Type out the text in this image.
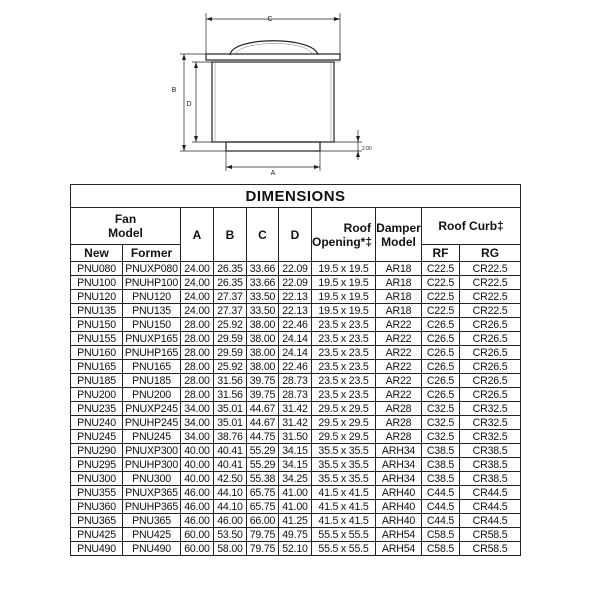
C
B
D
2.00
A
DIMENSIONS									
Fan
Model		A	B	C	D	Roof
Opening*‡	Damper
Model	Roof Curb‡	
New	Former							RF	RG
PNU080	PNUXP080	24.00	26.35	33.66	22.09	19.5 x 19.5	AR18	C22.5	CR22.5
PNU100	PNUHP100	24.00	26.35	33.66	22.09	19.5 x 19.5	AR18	C22.5	CR22.5
PNU120	PNU120	24.00	27.37	33.50	22.13	19.5 x 19.5	AR18	C22.5	CR22.5
PNU135	PNU135	24.00	27.37	33.50	22.13	19.5 x 19.5	AR18	C22.5	CR22.5
PNU150	PNU150	28.00	25.92	38.00	22.46	23.5 x 23.5	AR22	C26.5	CR26.5
PNU155	PNUXP165	28.00	29.59	38.00	24.14	23.5 x 23.5	AR22	C26.5	CR26.5
PNU160	PNUHP165	28.00	29.59	38.00	24.14	23.5 x 23.5	AR22	C26.5	CR26.5
PNU165	PNU165	28.00	25.92	38.00	22.46	23.5 x 23.5	AR22	C26.5	CR26.5
PNU185	PNU185	28.00	31.56	39.75	28.73	23.5 x 23.5	AR22	C26.5	CR26.5
PNU200	PNU200	28.00	31.56	39.75	28.73	23.5 x 23.5	AR22	C26.5	CR26.5
PNU235	PNUXP245	34.00	35.01	44.67	31.42	29.5 x 29.5	AR28	C32.5	CR32.5
PNU240	PNUHP245	34.00	35.01	44.67	31.42	29.5 x 29.5	AR28	C32.5	CR32.5
PNU245	PNU245	34.00	38.76	44.75	31.50	29.5 x 29.5	AR28	C32.5	CR32.5
PNU290	PNUXP300	40.00	40.41	55.29	34.15	35.5 x 35.5	ARH34	C38.5	CR38.5
PNU295	PNUHP300	40.00	40.41	55.29	34.15	35.5 x 35.5	ARH34	C38.5	CR38.5
PNU300	PNU300	40.00	42.50	55.38	34.25	35.5 x 35.5	ARH34	C38.5	CR38.5
PNU355	PNUXP365	46.00	44.10	65.75	41.00	41.5 x 41.5	ARH40	C44.5	CR44.5
PNU360	PNUHP365	46.00	44.10	65.75	41.00	41.5 x 41.5	ARH40	C44.5	CR44.5
PNU365	PNU365	46.00	46.00	66.00	41.25	41.5 x 41.5	ARH40	C44.5	CR44.5
PNU425	PNU425	60.00	53.50	79.75	49.75	55.5 x 55.5	ARH54	C58.5	CR58.5
PNU490	PNU490	60.00	58.00	79.75	52.10	55.5 x 55.5	ARH54	C58.5	CR58.5
